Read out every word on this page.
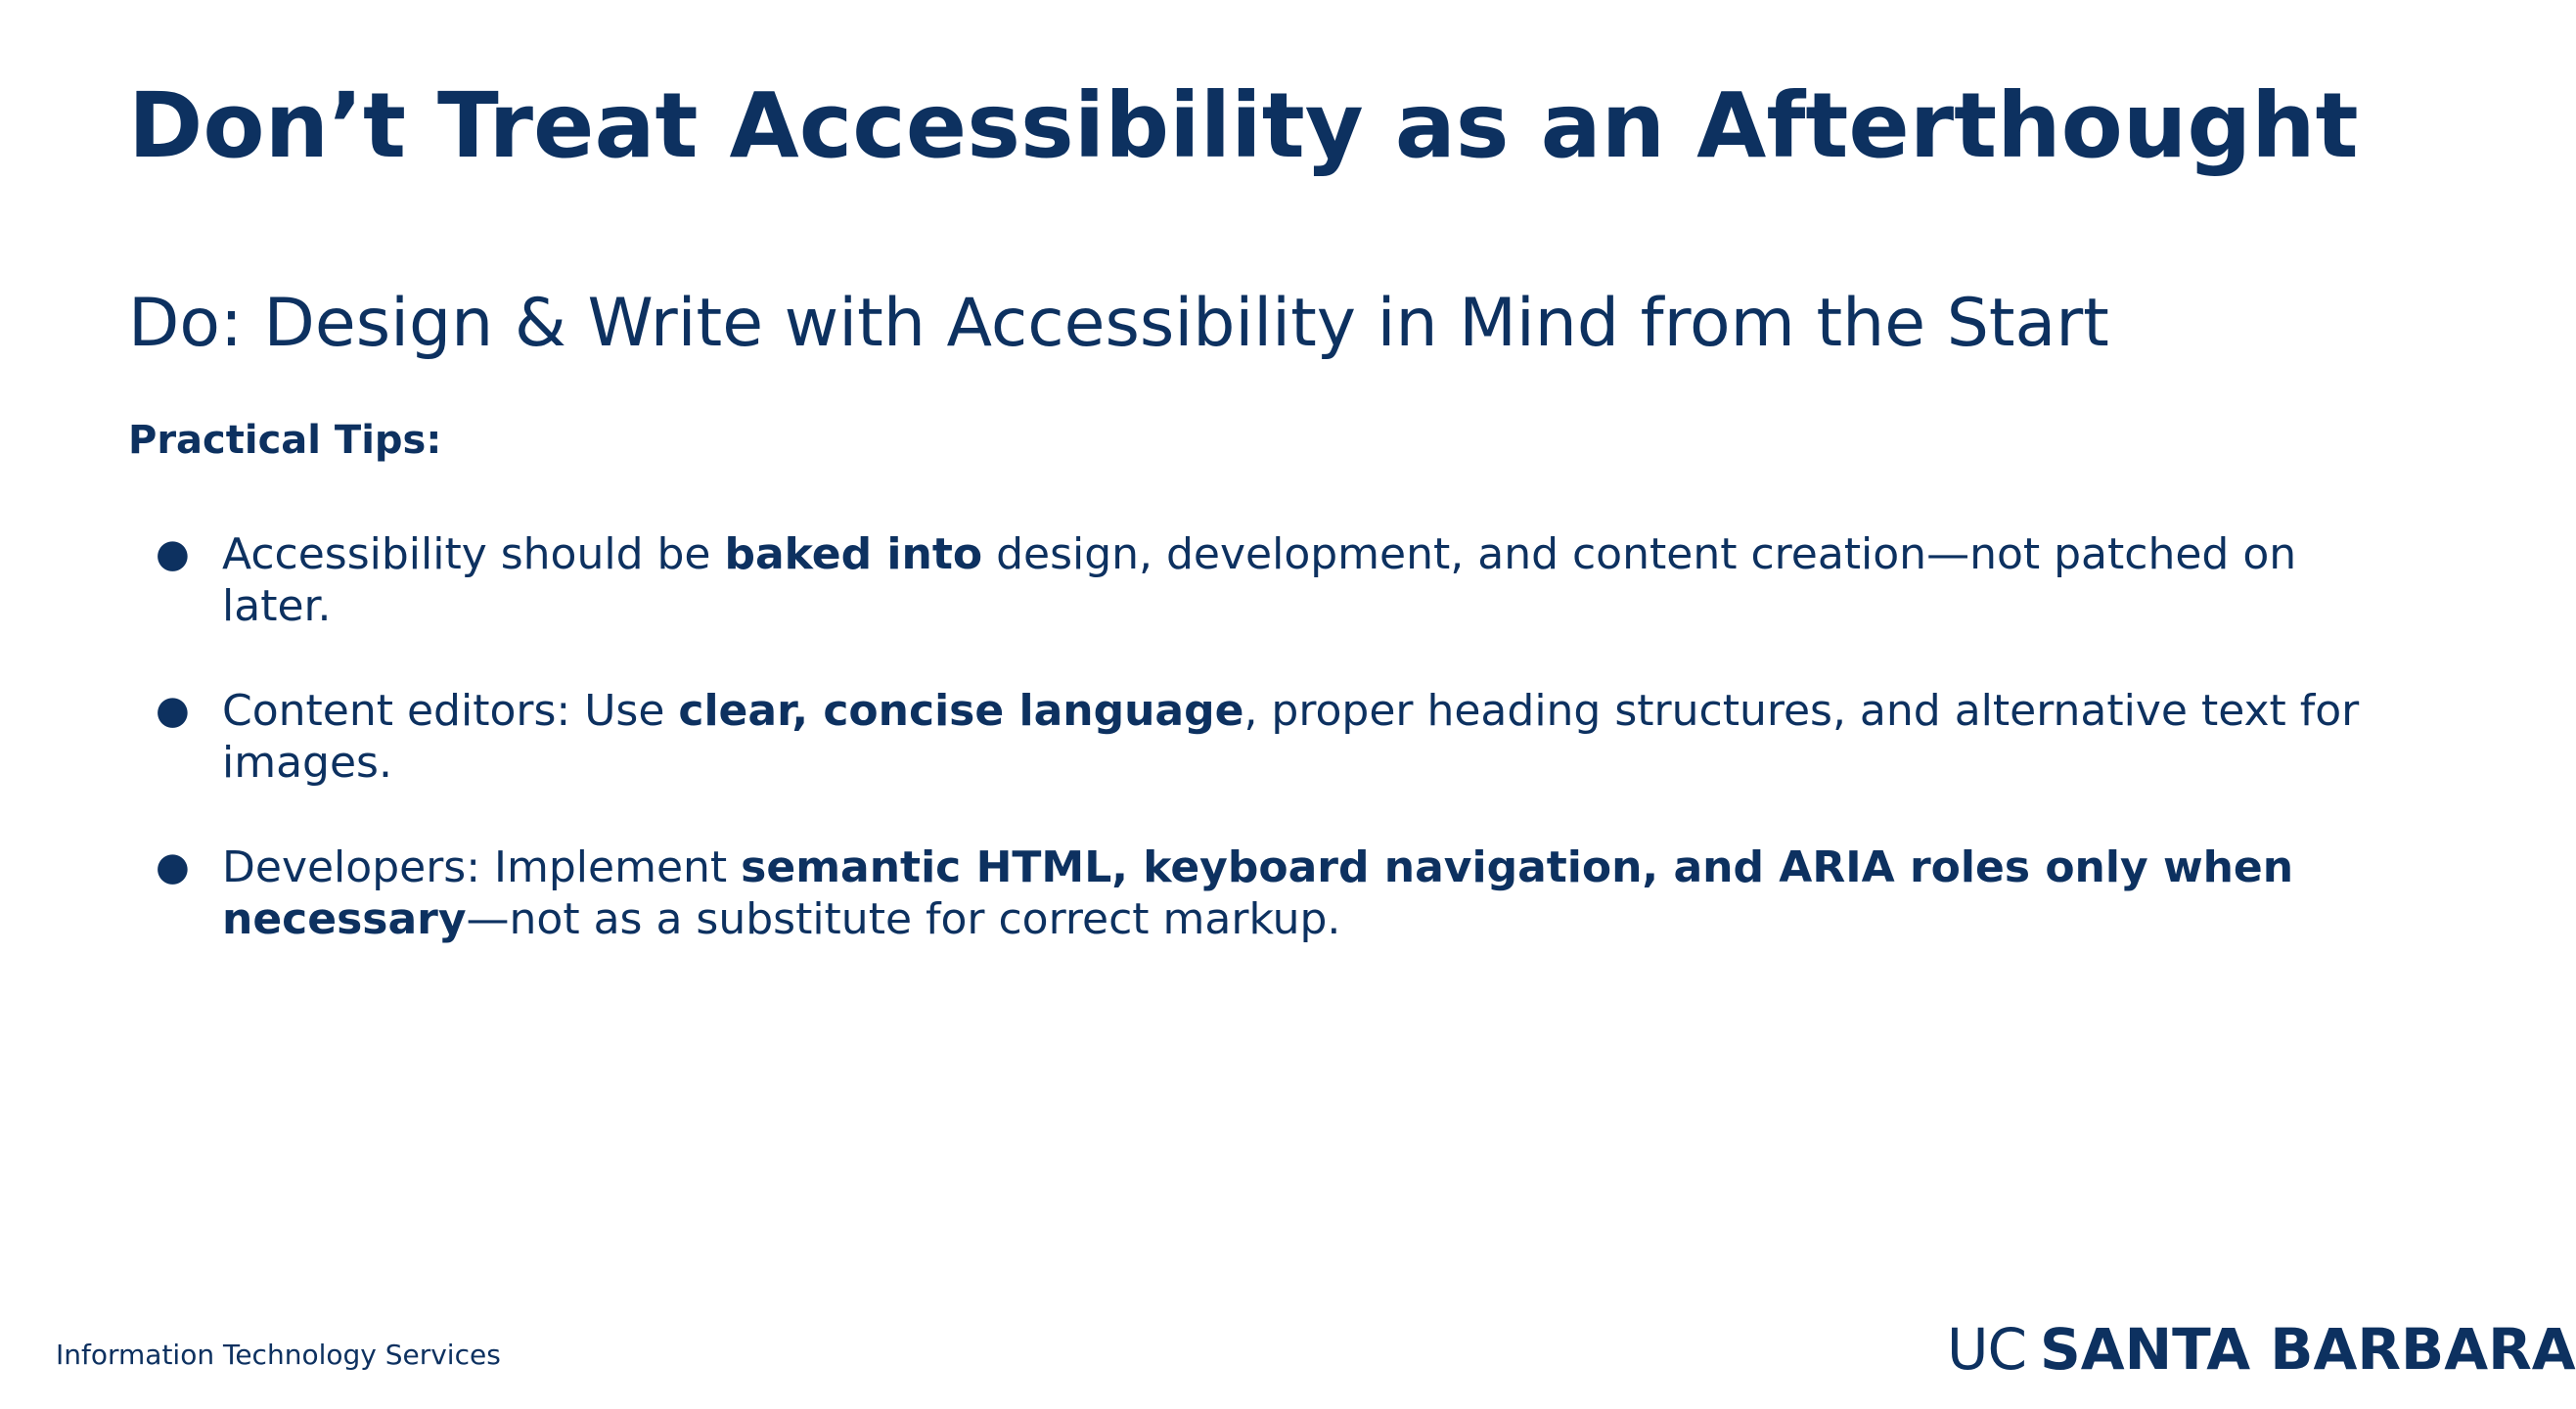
Don’t Treat Accessibility as an Afterthought
Do: Design & Write with Accessibility in Mind from the Start
Practical Tips:
● Accessibility should be baked into design, development, and content creation—not patched on later.
● Content editors: Use clear, concise language, proper heading structures, and alternative text for images.
● Developers: Implement semantic HTML, keyboard navigation, and ARIA roles only when necessary—not as a substitute for correct markup.
Information Technology Services	UC SANTA BARBARA
